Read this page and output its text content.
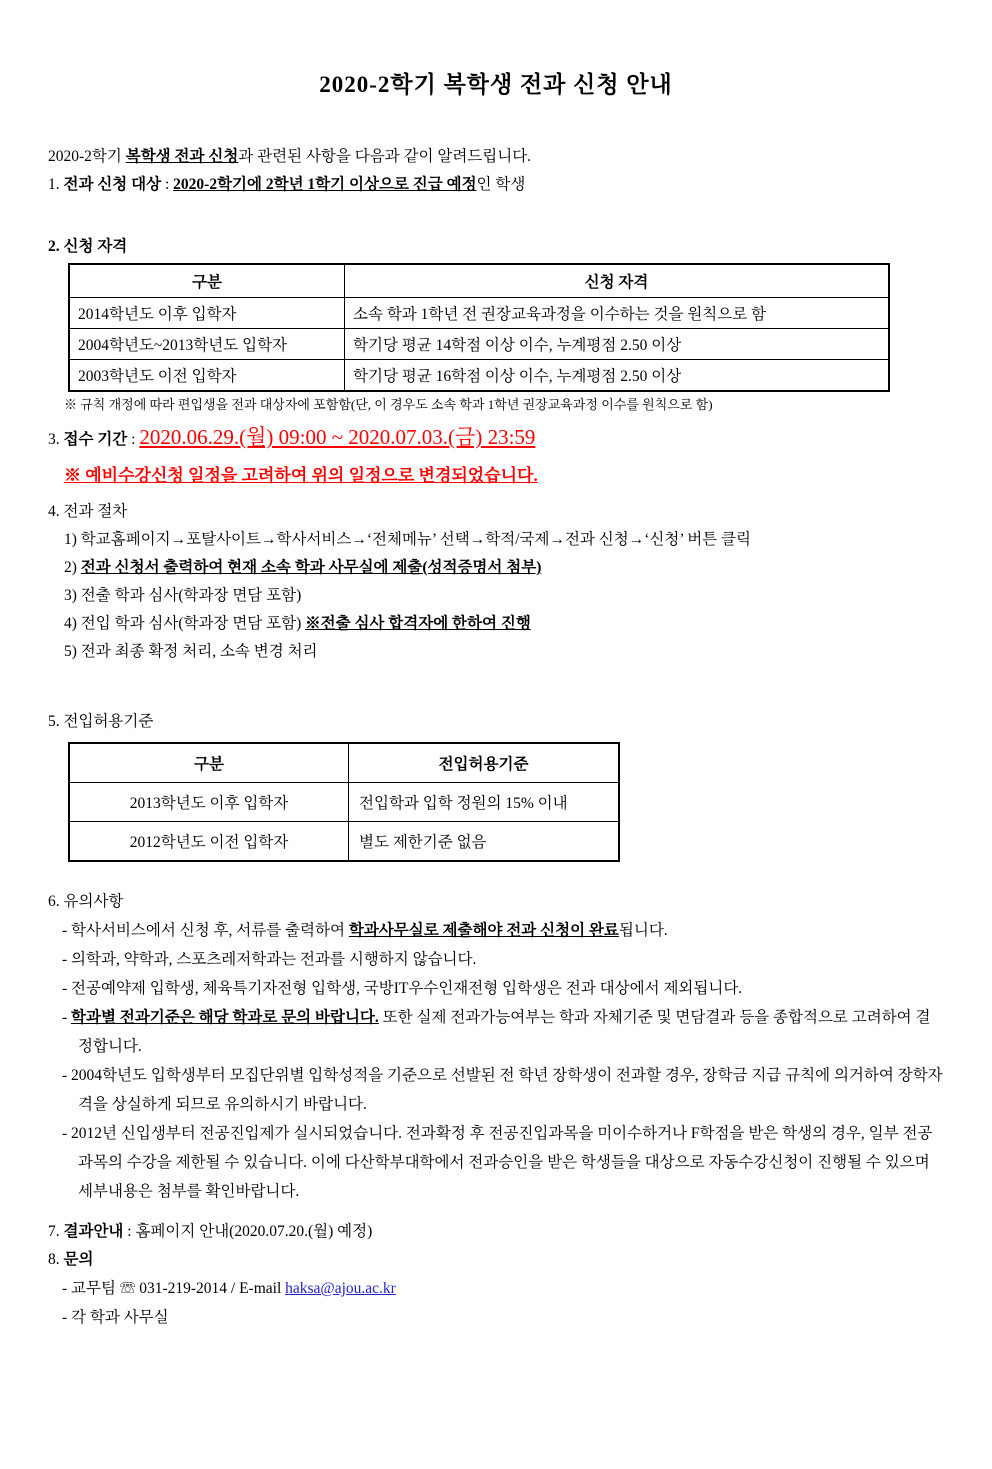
2020-2학기 복학생 전과 신청 안내

2020-2학기 복학생 전과 신청과 관련된 사항을 다음과 같이 알려드립니다.

1. 전과 신청 대상 : 2020-2학기에 2학년 1학기 이상으로 진급 예정인 학생

2. 신청 자격

구분	신청 자격
2014학년도 이후 입학자	소속 학과 1학년 전 권장교육과정을 이수하는 것을 원칙으로 함
2004학년도~2013학년도 입학자	학기당 평균 14학점 이상 이수, 누계평점 2.50 이상
2003학년도 이전 입학자	학기당 평균 16학점 이상 이수, 누계평점 2.50 이상

※ 규칙 개정에 따라 편입생을 전과 대상자에 포함함(단, 이 경우도 소속 학과 1학년 권장교육과정 이수를 원칙으로 함)

3. 접수 기간 : 2020.06.29.(월) 09:00 ~ 2020.07.03.(금) 23:59

※ 예비수강신청 일정을 고려하여 위의 일정으로 변경되었습니다.

4. 전과 절차

1) 학교홈페이지→포탈사이트→학사서비스→‘전체메뉴’ 선택→학적/국제→전과 신청→‘신청’ 버튼 클릭

2) 전과 신청서 출력하여 현재 소속 학과 사무실에 제출(성적증명서 첨부)

3) 전출 학과 심사(학과장 면담 포함)

4) 전입 학과 심사(학과장 면담 포함) ※전출 심사 합격자에 한하여 진행

5) 전과 최종 확정 처리, 소속 변경 처리

5. 전입허용기준

구분	전입허용기준
2013학년도 이후 입학자	전입학과 입학 정원의 15% 이내
2012학년도 이전 입학자	별도 제한기준 없음

6. 유의사항

- 학사서비스에서 신청 후, 서류를 출력하여 학과사무실로 제출해야 전과 신청이 완료됩니다.

- 의학과, 약학과, 스포츠레저학과는 전과를 시행하지 않습니다.

- 전공예약제 입학생, 체육특기자전형 입학생, 국방IT우수인재전형 입학생은 전과 대상에서 제외됩니다.

- 학과별 전과기준은 해당 학과로 문의 바랍니다. 또한 실제 전과가능여부는 학과 자체기준 및 면담결과 등을 종합적으로 고려하여 결정합니다.

- 2004학년도 입학생부터 모집단위별 입학성적을 기준으로 선발된 전 학년 장학생이 전과할 경우, 장학금 지급 규칙에 의거하여 장학자격을 상실하게 되므로 유의하시기 바랍니다.

- 2012년 신입생부터 전공진입제가 실시되었습니다. 전과확정 후 전공진입과목을 미이수하거나 F학점을 받은 학생의 경우, 일부 전공과목의 수강을 제한될 수 있습니다. 이에 다산학부대학에서 전과승인을 받은 학생들을 대상으로 자동수강신청이 진행될 수 있으며 세부내용은 첨부를 확인바랍니다.

7. 결과안내 : 홈페이지 안내(2020.07.20.(월) 예정)

8. 문의

- 교무팀 ☏ 031-219-2014 / E-mail haksa@ajou.ac.kr

- 각 학과 사무실
